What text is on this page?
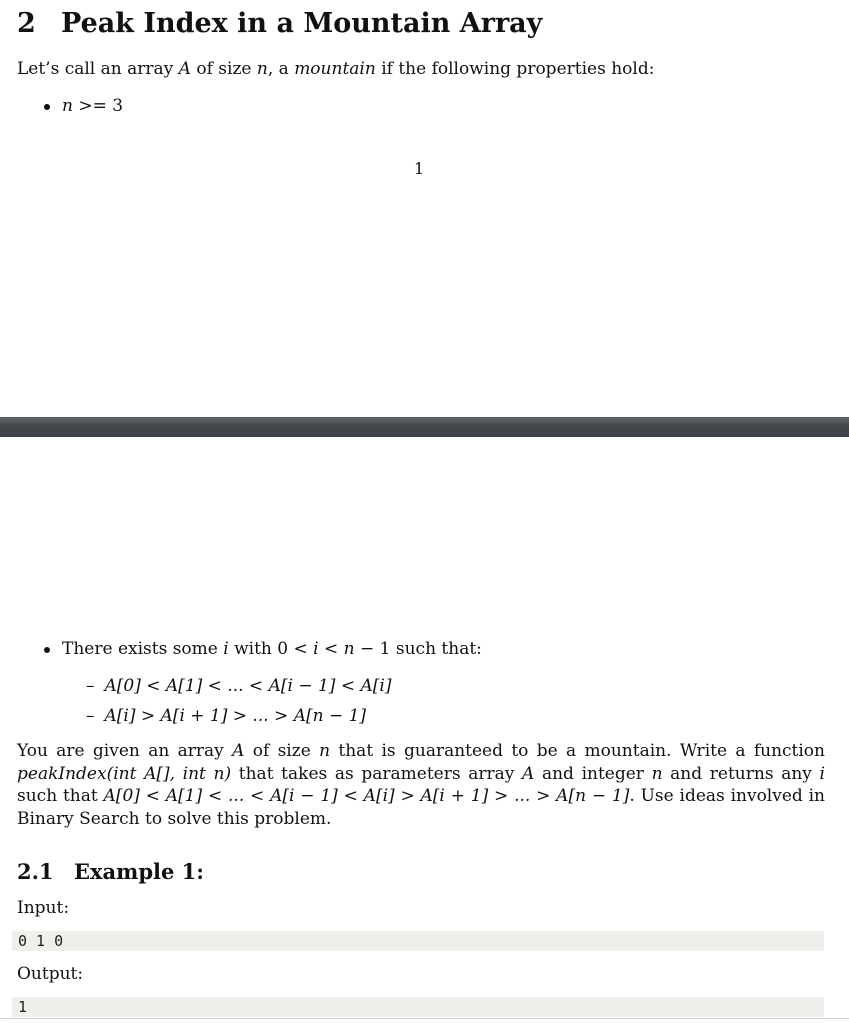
2 Peak Index in a Mountain Array
Let’s call an array A of size n, a mountain if the following properties hold:
n >= 3
1
There exists some i with 0 < i < n − 1 such that:
– A[0] < A[1] < ... < A[i − 1] < A[i]
– A[i] > A[i + 1] > ... > A[n − 1]
You are given an array A of size n that is guaranteed to be a mountain. Write a function peakIndex(int A[], int n) that takes as parameters array A and integer n and returns any i such that A[0] < A[1] < ... < A[i − 1] < A[i] > A[i + 1] > ... > A[n − 1]. Use ideas involved in Binary Search to solve this problem.
2.1 Example 1:
Input:
0 1 0
Output:
1
